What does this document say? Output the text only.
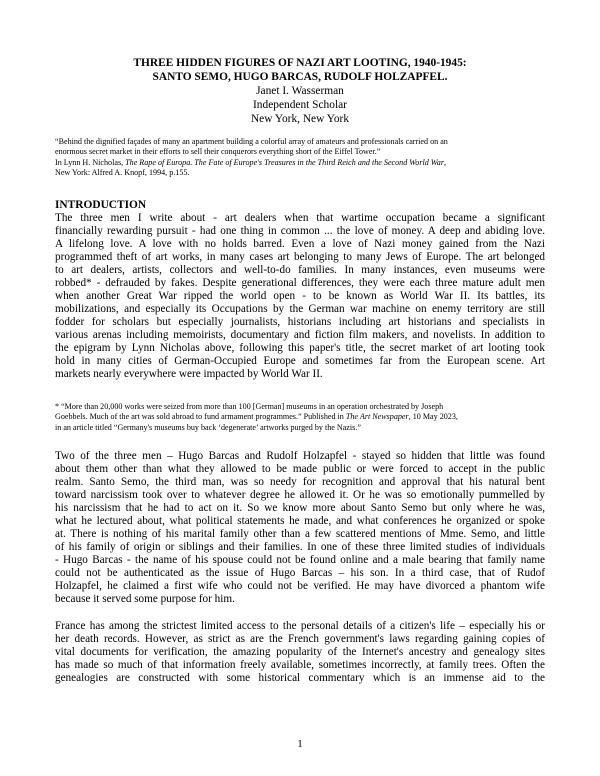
THREE HIDDEN FIGURES OF NAZI ART LOOTING, 1940-1945:
SANTO SEMO, HUGO BARCAS, RUDOLF HOLZAPFEL.
Janet I. Wasserman
Independent Scholar
New York, New York
“Behind the dignified façades of many an apartment building a colorful array of amateurs and professionals carried on an
enormous secret market in their efforts to sell their conquerors everything short of the Eiffel Tower.”
In Lynn H. Nicholas, The Rape of Europa. The Fate of Europe's Treasures in the Third Reich and the Second World War,
New York: Alfred A. Knopf, 1994, p.155.
INTRODUCTION
The three men I write about - art dealers when that wartime occupation became a significant
financially rewarding pursuit - had one thing in common ... the love of money. A deep and abiding love.
A lifelong love. A love with no holds barred. Even a love of Nazi money gained from the Nazi
programmed theft of art works, in many cases art belonging to many Jews of Europe. The art belonged
to art dealers, artists, collectors and well-to-do families. In many instances, even museums were
robbed* - defrauded by fakes. Despite generational differences, they were each three mature adult men
when another Great War ripped the world open - to be known as World War II. Its battles, its
mobilizations, and especially its Occupations by the German war machine on enemy territory are still
fodder for scholars but especially journalists, historians including art historians and specialists in
various arenas including memoirists, documentary and fiction film makers, and novelists. In addition to
the epigram by Lynn Nicholas above, following this paper's title, the secret market of art looting took
hold in many cities of German-Occupied Europe and sometimes far from the European scene. Art
markets nearly everywhere were impacted by World War II.
* “More than 20,000 works were seized from more than 100 [German] museums in an operation orchestrated by Joseph
Goebbels. Much of the art was sold abroad to fund armament programmes.” Published in The Art Newspaper, 10 May 2023,
in an article titled “Germany's museums buy back ‘degenerate’ artworks purged by the Nazis.”
Two of the three men – Hugo Barcas and Rudolf Holzapfel - stayed so hidden that little was found
about them other than what they allowed to be made public or were forced to accept in the public
realm. Santo Semo, the third man, was so needy for recognition and approval that his natural bent
toward narcissism took over to whatever degree he allowed it. Or he was so emotionally pummelled by
his narcissism that he had to act on it. So we know more about Santo Semo but only where he was,
what he lectured about, what political statements he made, and what conferences he organized or spoke
at. There is nothing of his marital family other than a few scattered mentions of Mme. Semo, and little
of his family of origin or siblings and their families. In one of these three limited studies of individuals
- Hugo Barcas - the name of his spouse could not be found online and a male bearing that family name
could not be authenticated as the issue of Hugo Barcas – his son. In a third case, that of Rudof
Holzapfel, he claimed a first wife who could not be verified. He may have divorced a phantom wife
because it served some purpose for him.
France has among the strictest limited access to the personal details of a citizen's life – especially his or
her death records. However, as strict as are the French government's laws regarding gaining copies of
vital documents for verification, the amazing popularity of the Internet's ancestry and genealogy sites
has made so much of that information freely available, sometimes incorrectly, at family trees. Often the
genealogies are constructed with some historical commentary which is an immense aid to the
1
